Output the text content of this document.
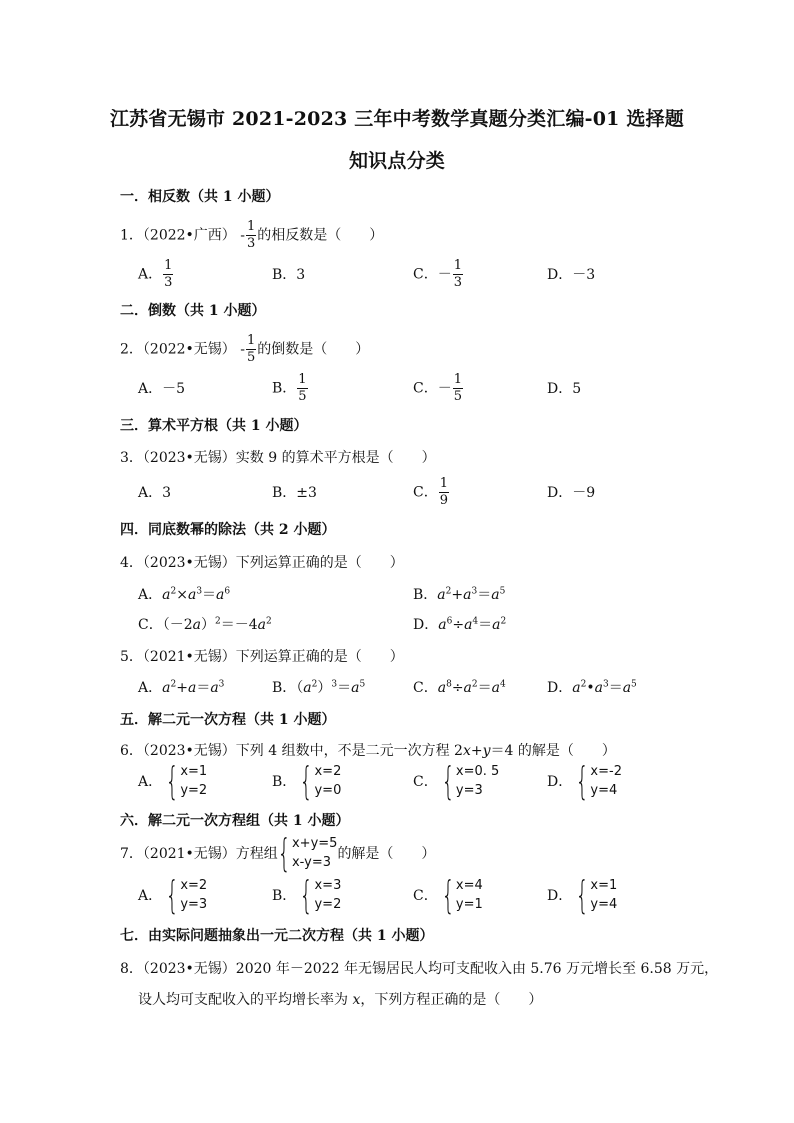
江苏省无锡市 2021-2023 三年中考数学真题分类汇编-01 选择题
知识点分类
一．相反数（共 1 小题）
1．（2022•广西） - $\frac{1}{3}$ 的相反数是（　　）
A． $\frac{1}{3}$	B．3	C．－ $\frac{1}{3}$	D．－3
二．倒数（共 1 小题）
2．（2022•无锡） - $\frac{1}{5}$ 的倒数是（　　）
A．－5	B． $\frac{1}{5}$	C．－ $\frac{1}{5}$	D．5
三．算术平方根（共 1 小题）
3．（2023•无锡）实数 9 的算术平方根是（　　）
A．3	B．±3	C． $\frac{1}{9}$	D．－9
四．同底数幂的除法（共 2 小题）
4．（2023•无锡）下列运算正确的是（　　）
A．$a^2\times a^3=a^6$	B．$a^2+a^3=a^5$
C．$(-2a)^2=-4a^2$	D．$a^6\div a^4=a^2$
5．（2021•无锡）下列运算正确的是（　　）
A．$a^2+a=a^3$	B．$(a^2)^3=a^5$	C．$a^8\div a^2=a^4$	D．$a^2•a^3=a^5$
五．解二元一次方程（共 1 小题）
6．（2023•无锡）下列 4 组数中，不是二元一次方程 2x+y＝4 的解是（　　）
A． { x=1
y=2
B． { x=2
y=0
C． { x=0. 5
y=3
D． { x=-2
y=4
六．解二元一次方程组（共 1 小题）
7．（2021•无锡）方程组 { x+y=5
x-y=3
的解是（　　）
A． { x=2
y=3
B． { x=3
y=2
C． { x=4
y=1
D． { x=1
y=4
七．由实际问题抽象出一元二次方程（共 1 小题）
8．（2023•无锡）2020 年－2022 年无锡居民人均可支配收入由 5.76 万元增长至 6.58 万元，
设人均可支配收入的平均增长率为 x，下列方程正确的是（　　）
